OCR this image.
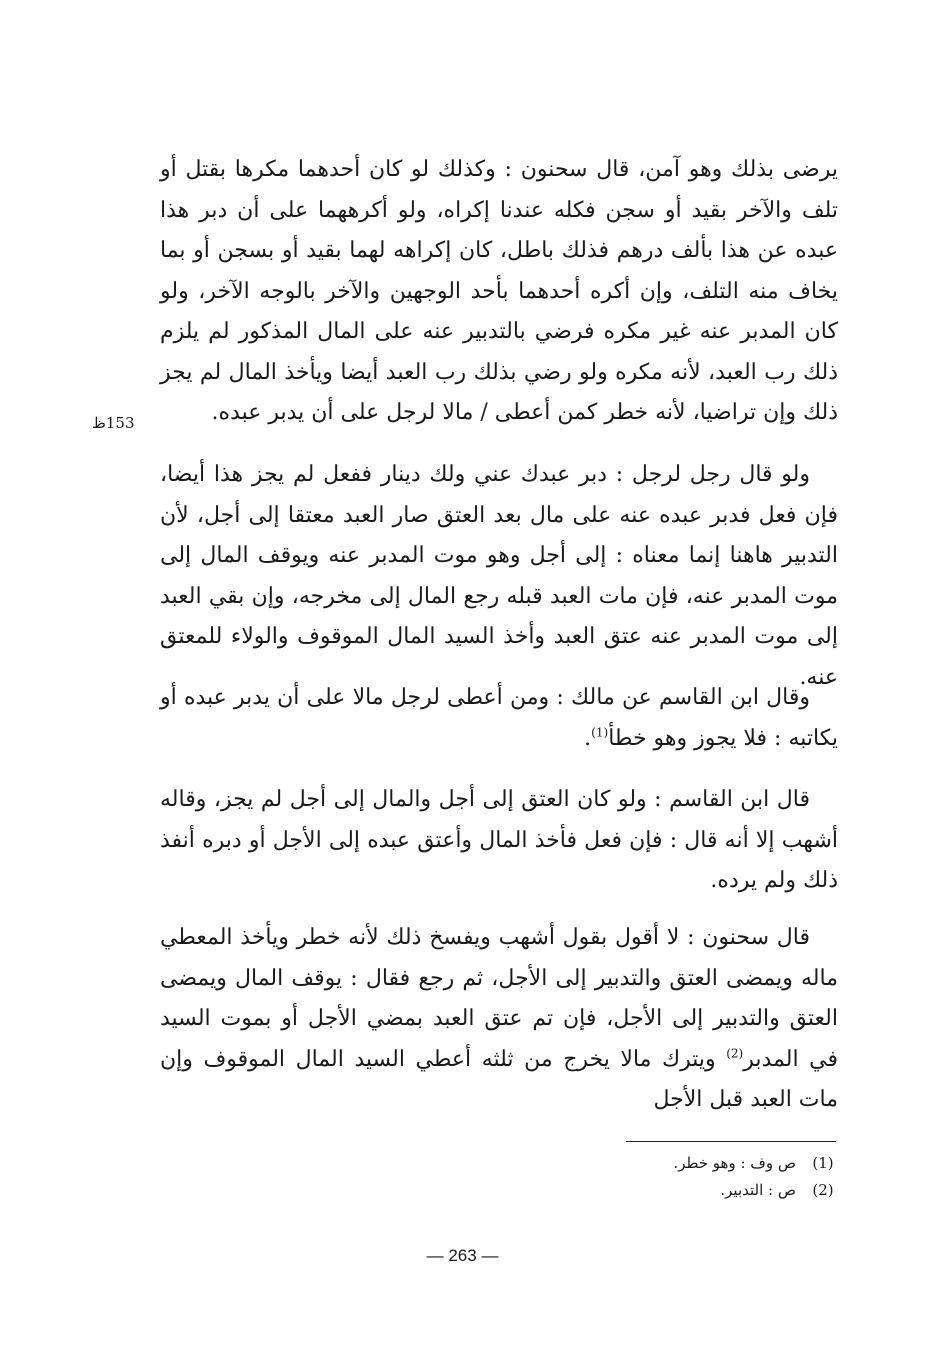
يرضى بذلك وهو آمن، قال سحنون : وكذلك لو كان أحدهما مكرها بقتل أو تلف والآخر بقيد أو سجن فكله عندنا إكراه، ولو أكرههما على أن دبر هذا عبده عن هذا بألف درهم فذلك باطل، كان إكراهه لهما بقيد أو بسجن أو بما يخاف منه التلف، وإن أكره أحدهما بأحد الوجهين والآخر بالوجه الآخر، ولو كان المدبر عنه غير مكره فرضي بالتدبير عنه على المال المذكور لم يلزم ذلك رب العبد، لأنه مكره ولو رضي بذلك رب العبد أيضا ويأخذ المال لم يجز ذلك وإن تراضيا، لأنه خطر كمن أعطى / مالا لرجل على أن يدبر عبده.

153ظ

ولو قال رجل لرجل : دبر عبدك عني ولك دينار ففعل لم يجز هذا أيضا، فإن فعل فدبر عبده عنه على مال بعد العتق صار العبد معتقا إلى أجل، لأن التدبير هاهنا إنما معناه : إلى أجل وهو موت المدبر عنه ويوقف المال إلى موت المدبر عنه، فإن مات العبد قبله رجع المال إلى مخرجه، وإن بقي العبد إلى موت المدبر عنه عتق العبد وأخذ السيد المال الموقوف والولاء للمعتق عنه.

وقال ابن القاسم عن مالك : ومن أعطى لرجل مالا على أن يدبر عبده أو يكاتبه : فلا يجوز وهو خطأ$^{(1)}$.

قال ابن القاسم : ولو كان العتق إلى أجل والمال إلى أجل لم يجز، وقاله أشهب إلا أنه قال : فإن فعل فأخذ المال وأعتق عبده إلى الأجل أو دبره أنفذ ذلك ولم يرده.

قال سحنون : لا أقول بقول أشهب ويفسخ ذلك لأنه خطر ويأخذ المعطي ماله ويمضى العتق والتدبير إلى الأجل، ثم رجع فقال : يوقف المال ويمضى العتق والتدبير إلى الأجل، فإن تم عتق العبد بمضي الأجل أو بموت السيد في المدبر$^{(2)}$ ويترك مالا يخرج من ثلثه أعطي السيد المال الموقوف وإن مات العبد قبل الأجل

(1)
ص وف : وهو خطر.
(2)
ص : التدبير.
— 263 —
